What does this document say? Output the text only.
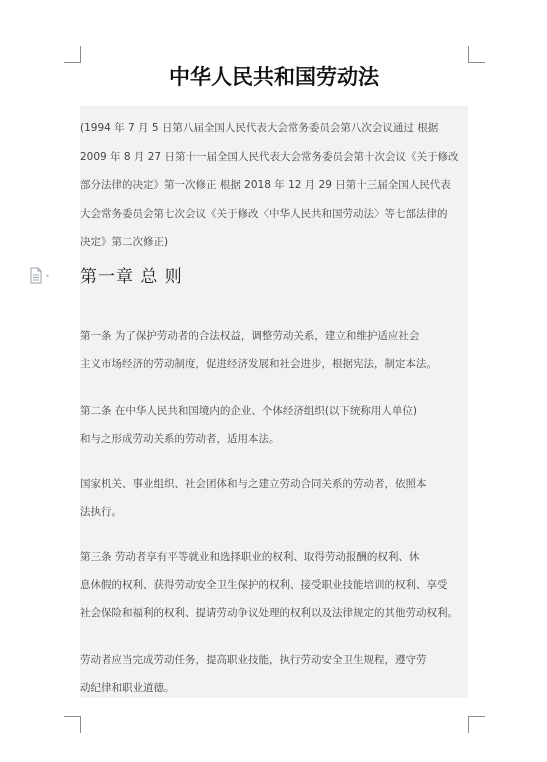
中华人民共和国劳动法
(1994 年 7 月 5 日第八届全国人民代表大会常务委员会第八次会议通过 根据
2009 年 8 月 27 日第十一届全国人民代表大会常务委员会第十次会议《关于修改
部分法律的决定》第一次修正 根据 2018 年 12 月 29 日第十三届全国人民代表
大会常务委员会第七次会议《关于修改〈中华人民共和国劳动法〉等七部法律的
决定》第二次修正)
第一章 总 则
第一条 为了保护劳动者的合法权益，调整劳动关系，建立和维护适应社会
主义市场经济的劳动制度，促进经济发展和社会进步，根据宪法，制定本法。
第二条 在中华人民共和国境内的企业、个体经济组织(以下统称用人单位)
和与之形成劳动关系的劳动者，适用本法。
国家机关、事业组织、社会团体和与之建立劳动合同关系的劳动者，依照本
法执行。
第三条 劳动者享有平等就业和选择职业的权利、取得劳动报酬的权利、休
息休假的权利、获得劳动安全卫生保护的权利、接受职业技能培训的权利、享受
社会保险和福利的权利、提请劳动争议处理的权利以及法律规定的其他劳动权利。
劳动者应当完成劳动任务，提高职业技能，执行劳动安全卫生规程，遵守劳
动纪律和职业道德。
